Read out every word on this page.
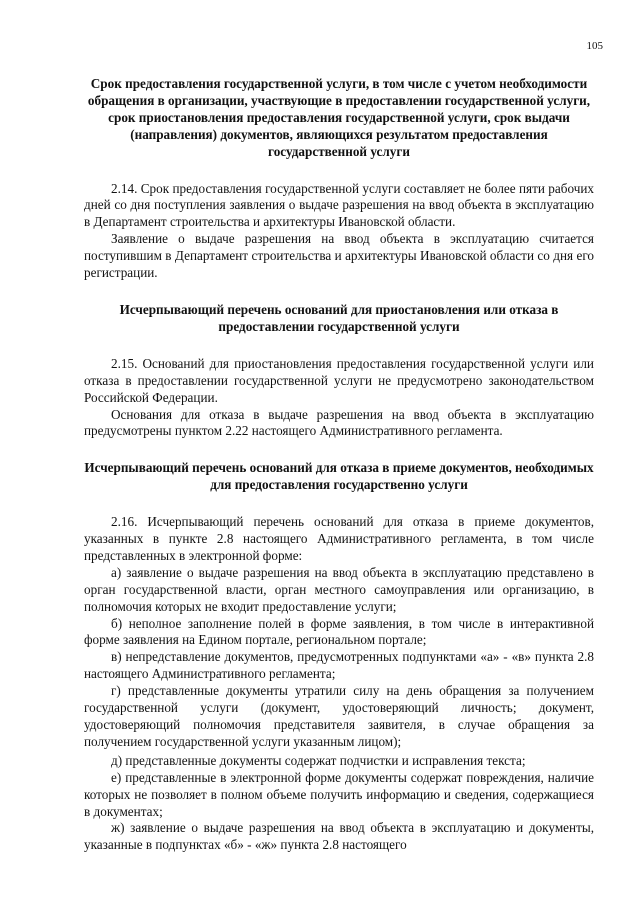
105
Срок предоставления государственной услуги, в том числе с учетом необходимости обращения в организации, участвующие в предоставлении государственной услуги, срок приостановления предоставления государственной услуги, срок выдачи (направления) документов, являющихся результатом предоставления государственной услуги

2.14. Срок предоставления государственной услуги составляет не более пяти рабочих дней со дня поступления заявления о выдаче разрешения на ввод объекта в эксплуатацию в Департамент строительства и архитектуры Ивановской области.

Заявление о выдаче разрешения на ввод объекта в эксплуатацию считается поступившим в Департамент строительства и архитектуры Ивановской области со дня его регистрации.

Исчерпывающий перечень оснований для приостановления или отказа в предоставлении государственной услуги

2.15. Оснований для приостановления предоставления государственной услуги или отказа в предоставлении государственной услуги не предусмотрено законодательством Российской Федерации.

Основания для отказа в выдаче разрешения на ввод объекта в эксплуатацию предусмотрены пунктом 2.22 настоящего Административного регламента.

Исчерпывающий перечень оснований для отказа в приеме документов, необходимых для предоставления государственно услуги

2.16. Исчерпывающий перечень оснований для отказа в приеме документов, указанных в пункте 2.8 настоящего Административного регламента, в том числе представленных в электронной форме:

а) заявление о выдаче разрешения на ввод объекта в эксплуатацию представлено в орган государственной власти, орган местного самоуправления или организацию, в полномочия которых не входит предоставление услуги;

б) неполное заполнение полей в форме заявления, в том числе в интерактивной форме заявления на Едином портале, региональном портале;

в) непредставление документов, предусмотренных подпунктами «а» - «в» пункта 2.8 настоящего Административного регламента;

г) представленные документы утратили силу на день обращения за получением государственной услуги (документ, удостоверяющий личность; документ, удостоверяющий полномочия представителя заявителя, в случае обращения за получением государственной услуги указанным лицом);

д) представленные документы содержат подчистки и исправления текста;

е) представленные в электронной форме документы содержат повреждения, наличие которых не позволяет в полном объеме получить информацию и сведения, содержащиеся в документах;

ж) заявление о выдаче разрешения на ввод объекта в эксплуатацию и документы, указанные в подпунктах «б» - «ж» пункта 2.8 настоящего
